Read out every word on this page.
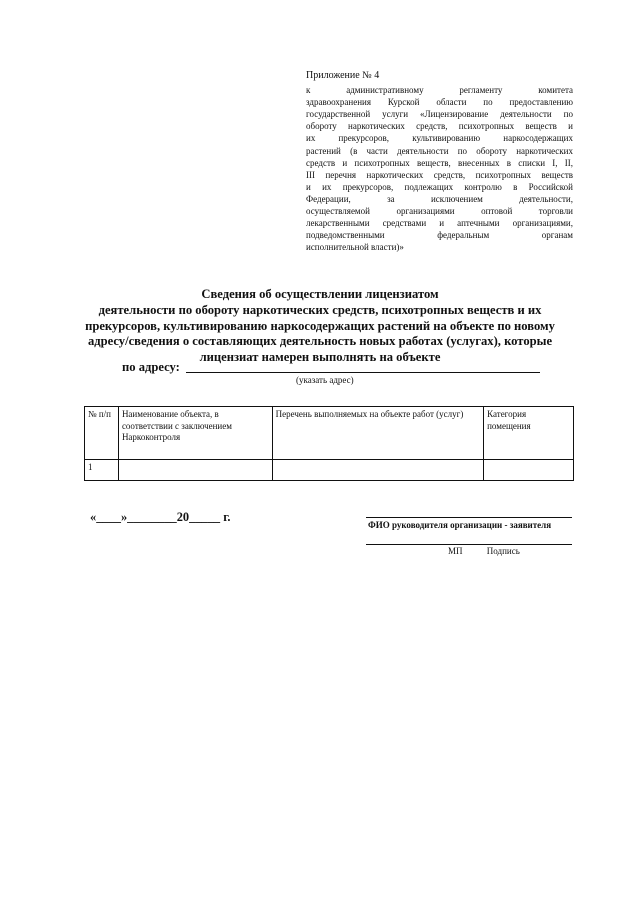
Приложение № 4
к административному регламенту комитета
здравоохранения Курской области по предоставлению
государственной услуги «Лицензирование деятельности по
обороту наркотических средств, психотропных веществ и
их прекурсоров, культивированию наркосодержащих
растений (в части деятельности по обороту наркотических
средств и психотропных веществ, внесенных в списки I, II,
III перечня наркотических средств, психотропных веществ
и их прекурсоров, подлежащих контролю в Российской
Федерации, за исключением деятельности,
осуществляемой организациями оптовой торговли
лекарственными средствами и аптечными организациями,
подведомственными федеральным органам
исполнительной власти)»
Сведения об осуществлении лицензиатом
деятельности по обороту наркотических средств, психотропных веществ и их
прекурсоров, культивированию наркосодержащих растений на объекте по новому
адресу/сведения о составляющих деятельность новых работах (услугах), которые
лицензиат намерен выполнять на объекте
по адресу:
(указать адрес)
№ п/п	Наименование объекта, в соответствии с заключением Наркоконтроля	Перечень выполняемых на объекте работ (услуг)	Категория помещения
1			
«____»________20_____ г.
ФИО руководителя организации - заявителя
МП	Подпись
